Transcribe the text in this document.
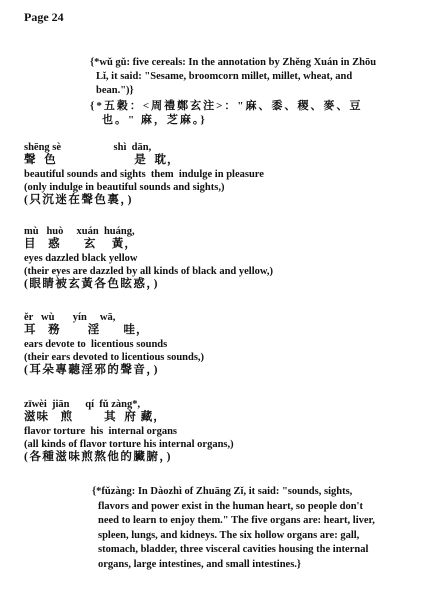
Page 24

{*wǔ gǔ: five cereals: In the annotation by Zhěng Xuán in Zhōu

Lǐ, it said: "Sesame, broomcorn millet, millet, wheat, and

bean.")}

{*五穀：<周禮鄭玄注>："麻、黍、稷、麥、豆

也。" 麻，芝麻。}

shēng sè                    shì  dān,
聲  色                    是  耽，
beautiful sounds and sights  them  indulge in pleasure
(only indulge in beautiful sounds and sights,)
(只沉迷在聲色裏，)
mù   huò     xuán  huáng,
目   惑      玄    黃，
eyes dazzled black yellow
(their eyes are dazzled by all kinds of black and yellow,)
(眼睛被玄黃各色眩惑，)
ěr   wù       yín     wā,
耳   務       淫      哇，
ears devote to  licentious sounds
(their ears devoted to licentious sounds,)
(耳朵專聽淫邪的聲音，)
zīwèi  jiān      qí  fǔ zàng*,
滋味   煎        其  府 藏，
flavor torture  his  internal organs
(all kinds of flavor torture his internal organs,)
(各種滋味煎熬他的臟腑，)

{*fǔzàng: In Dàozhì of Zhuāng Zǐ, it said: "sounds, sights,

flavors and power exist in the human heart, so people don't

need to learn to enjoy them." The five organs are: heart, liver,

spleen, lungs, and kidneys. The six hollow organs are: gall,

stomach, bladder, three visceral cavities housing the internal

organs, large intestines, and small intestines.}
